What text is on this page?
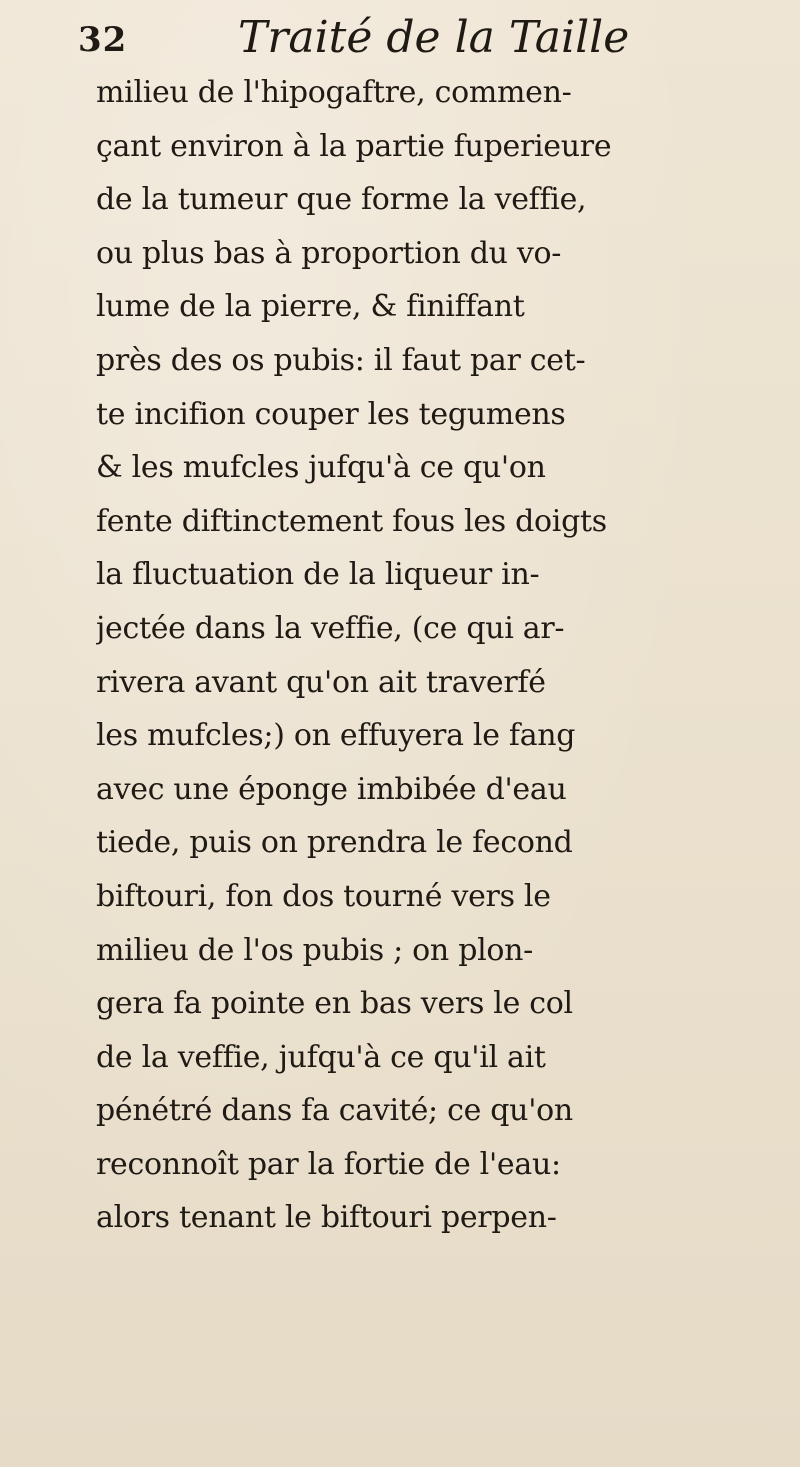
32	Traité de la Taille
milieu de l'hipogaftre, commen-
çant environ à la partie fuperieure
de la tumeur que forme la veffie,
ou plus bas à proportion du vo-
lume de la pierre, & finiffant
près des os pubis: il faut par cet-
te incifion couper les tegumens
& les mufcles jufqu'à ce qu'on
fente diftinctement fous les doigts
la fluctuation de la liqueur in-
jectée dans la veffie, (ce qui ar-
rivera avant qu'on ait traverfé
les mufcles;) on effuyera le fang
avec une éponge imbibée d'eau
tiede, puis on prendra le fecond
biftouri, fon dos tourné vers le
milieu de l'os pubis ; on plon-
gera fa pointe en bas vers le col
de la veffie, jufqu'à ce qu'il ait
pénétré dans fa cavité; ce qu'on
reconnoît par la fortie de l'eau:
alors tenant le biftouri perpen-
